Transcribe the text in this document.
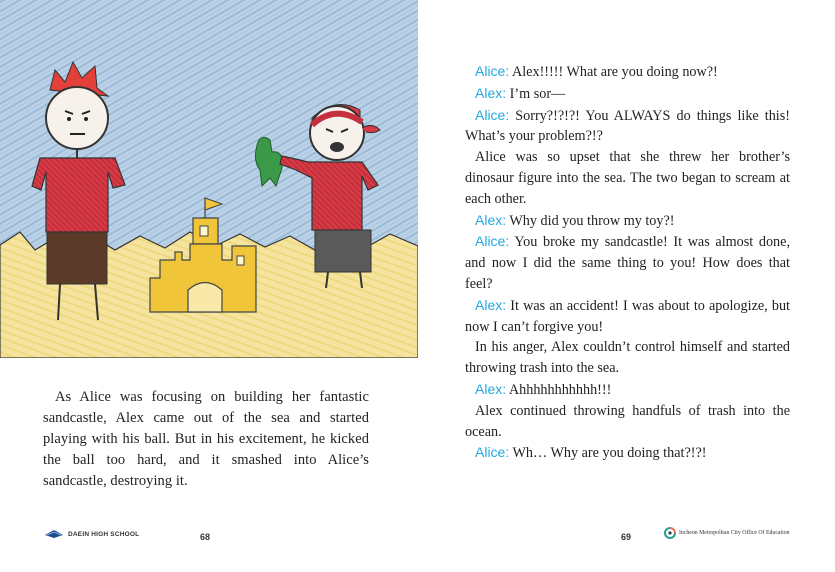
As Alice was focusing on building her fantastic sandcastle, Alex came out of the sea and started playing with his ball. But in his excitement, he kicked the ball too hard, and it smashed into Alice’s sandcastle, destroying it.

DAEIN HIGH SCHOOL	68
Alice: Alex!!!!! What are you doing now?!
Alex: I’m sor—
Alice: Sorry?!?!?! You ALWAYS do things like this! What’s your problem?!?
Alice was so upset that she threw her brother’s dinosaur figure into the sea. The two began to scream at each other.
Alex: Why did you throw my toy?!
Alice: You broke my sandcastle! It was almost done, and now I did the same thing to you! How does that feel?
Alex: It was an accident! I was about to apologize, but now I can’t forgive you!
In his anger, Alex couldn’t control himself and started throwing trash into the sea.
Alex: Ahhhhhhhhhhh!!!
Alex continued throwing handfuls of trash into the ocean.
Alice: Wh… Why are you doing that?!?!
69	Incheon Metropolitan City Office Of Education
